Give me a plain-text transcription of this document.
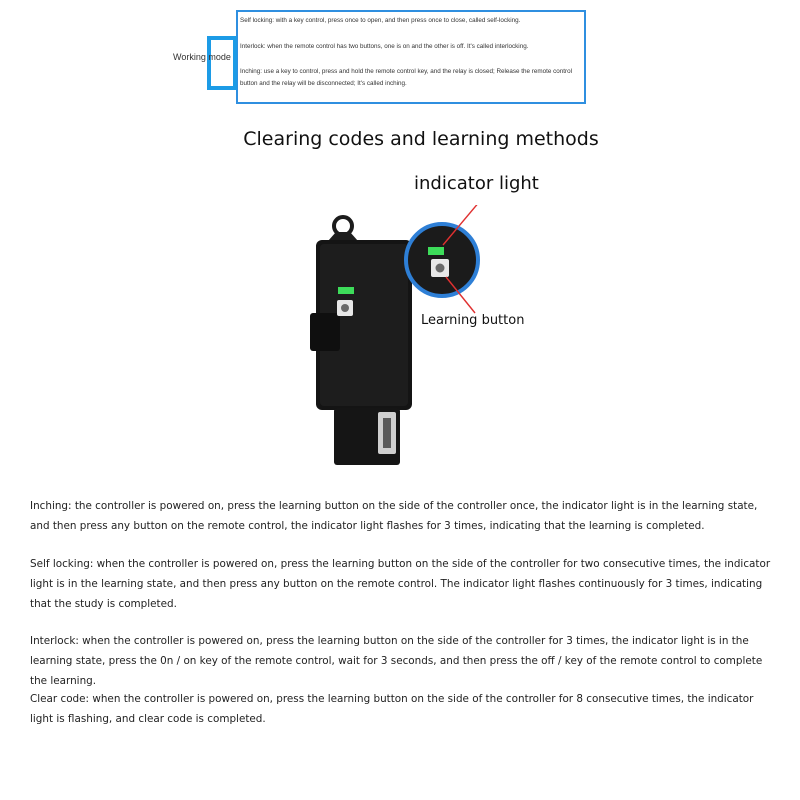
Working mode
Self locking: with a key control, press once to open, and then press once to close, called self-locking.
Interlock: when the remote control has two buttons, one is on and the other is off. It's called interlocking.
Inching: use a key to control, press and hold the remote control key, and the relay is closed; Release the remote control button and the relay will be disconnected; It's called inching.
Clearing codes and learning methods
indicator light
Learning button
Inching: the controller is powered on, press the learning button on the side of the controller once, the indicator light is in the learning state, and then press any button on the remote control, the indicator light flashes for 3 times, indicating that the learning is completed.
Self locking: when the controller is powered on, press the learning button on the side of the controller for two consecutive times, the indicator light is in the learning state, and then press any button on the remote control. The indicator light flashes continuously for 3 times, indicating that the study is completed.
Interlock: when the controller is powered on, press the learning button on the side of the controller for 3 times, the indicator light is in the learning state, press the 0n / on key of the remote control, wait for 3 seconds, and then press the off / key of the remote control to complete the learning.
Clear code: when the controller is powered on, press the learning button on the side of the controller for 8 consecutive times, the indicator light is flashing, and clear code is completed.
